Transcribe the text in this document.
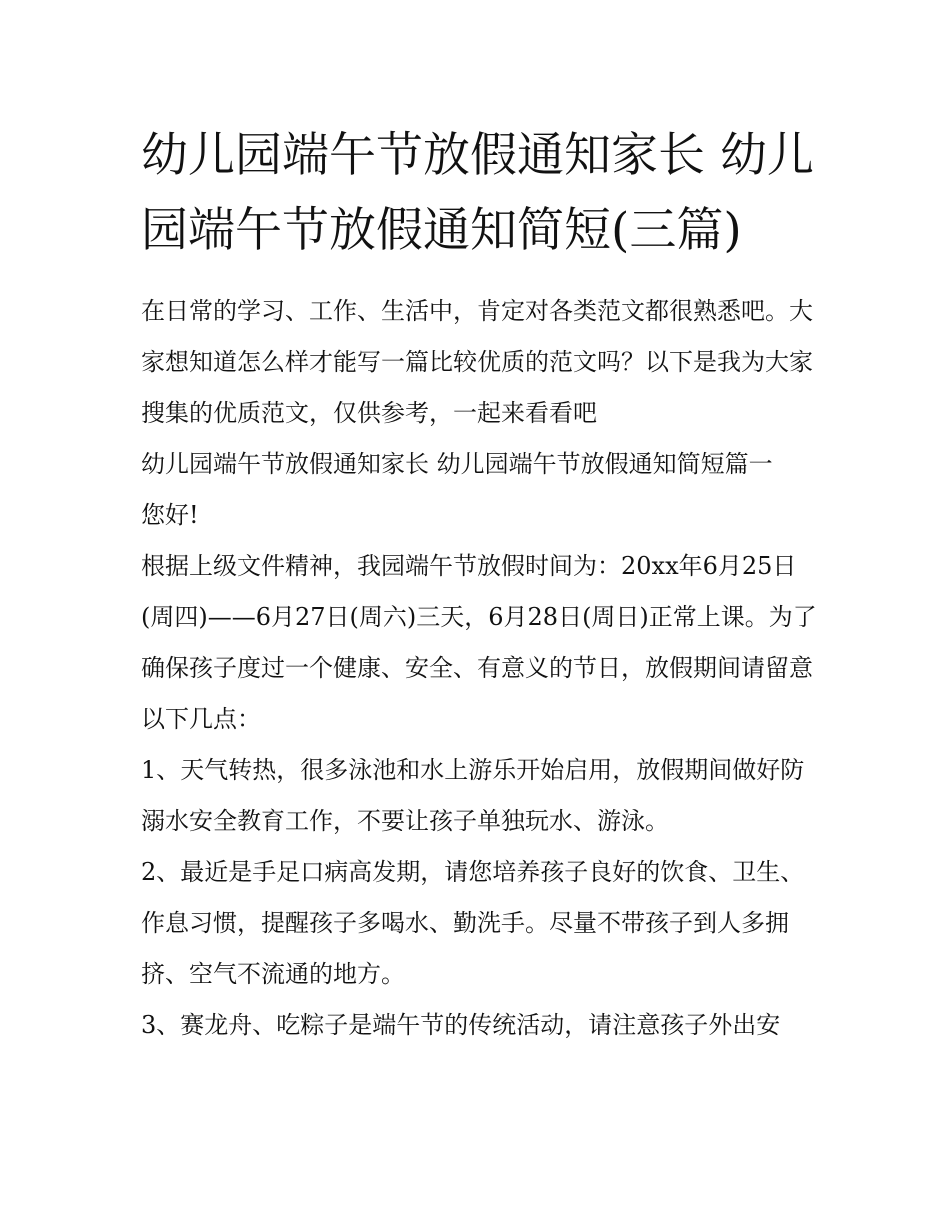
幼儿园端午节放假通知家长 幼儿园端午节放假通知简短(三篇)

在日常的学习、工作、生活中，肯定对各类范文都很熟悉吧。大家想知道怎么样才能写一篇比较优质的范文吗？以下是我为大家搜集的优质范文，仅供参考，一起来看看吧

幼儿园端午节放假通知家长 幼儿园端午节放假通知简短篇一

您好!

根据上级文件精神，我园端午节放假时间为：20xx年6月25日(周四)——6月27日(周六)三天，6月28日(周日)正常上课。为了确保孩子度过一个健康、安全、有意义的节日，放假期间请留意以下几点：

1、天气转热，很多泳池和水上游乐开始启用，放假期间做好防溺水安全教育工作，不要让孩子单独玩水、游泳。

2、最近是手足口病高发期，请您培养孩子良好的饮食、卫生、作息习惯，提醒孩子多喝水、勤洗手。尽量不带孩子到人多拥挤、空气不流通的地方。

3、赛龙舟、吃粽子是端午节的传统活动，请注意孩子外出安
